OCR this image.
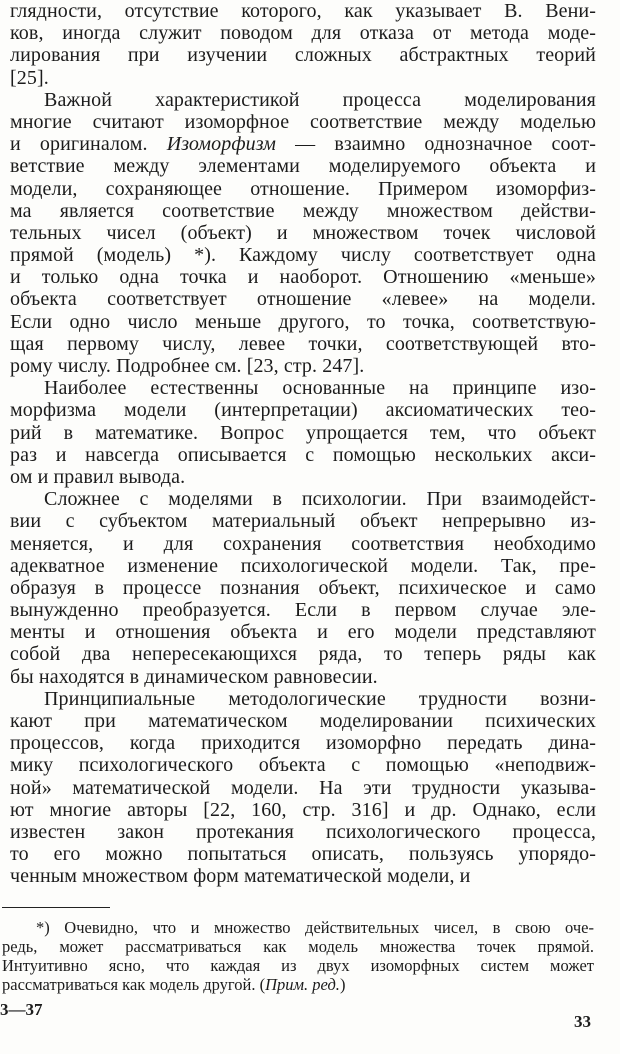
глядности, отсутствие которого, как указывает В. Вени-
ков, иногда служит поводом для отказа от метода моде-
лирования при изучении сложных абстрактных теорий
[25].
Важной характеристикой процесса моделирования
многие считают изоморфное соответствие между моделью
и оригиналом. Изоморфизм — взаимно однозначное соот-
ветствие между элементами моделируемого объекта и
модели, сохраняющее отношение. Примером изоморфиз-
ма является соответствие между множеством действи-
тельных чисел (объект) и множеством точек числовой
прямой (модель) *). Каждому числу соответствует одна
и только одна точка и наоборот. Отношению «меньше»
объекта соответствует отношение «левее» на модели.
Если одно число меньше другого, то точка, соответствую-
щая первому числу, левее точки, соответствующей вто-
рому числу. Подробнее см. [23, стр. 247].
Наиболее естественны основанные на принципе изо-
морфизма модели (интерпретации) аксиоматических тео-
рий в математике. Вопрос упрощается тем, что объект
раз и навсегда описывается с помощью нескольких акси-
ом и правил вывода.
Сложнее с моделями в психологии. При взаимодейст-
вии с субъектом материальный объект непрерывно из-
меняется, и для сохранения соответствия необходимо
адекватное изменение психологической модели. Так, пре-
образуя в процессе познания объект, психическое и само
вынужденно преобразуется. Если в первом случае эле-
менты и отношения объекта и его модели представляют
собой два непересекающихся ряда, то теперь ряды как
бы находятся в динамическом равновесии.
Принципиальные методологические трудности возни-
кают при математическом моделировании психических
процессов, когда приходится изоморфно передать дина-
мику психологического объекта с помощью «неподвиж-
ной» математической модели. На эти трудности указыва-
ют многие авторы [22, 160, стр. 316] и др. Однако, если
известен закон протекания психологического процесса,
то его можно попытаться описать, пользуясь упорядо-
ченным множеством форм математической модели, и
*) Очевидно, что и множество действительных чисел, в свою оче-
редь, может рассматриваться как модель множества точек прямой.
Интуитивно ясно, что каждая из двух изоморфных систем может
рассматриваться как модель другой. (Прим. ред.)
3—37
33
